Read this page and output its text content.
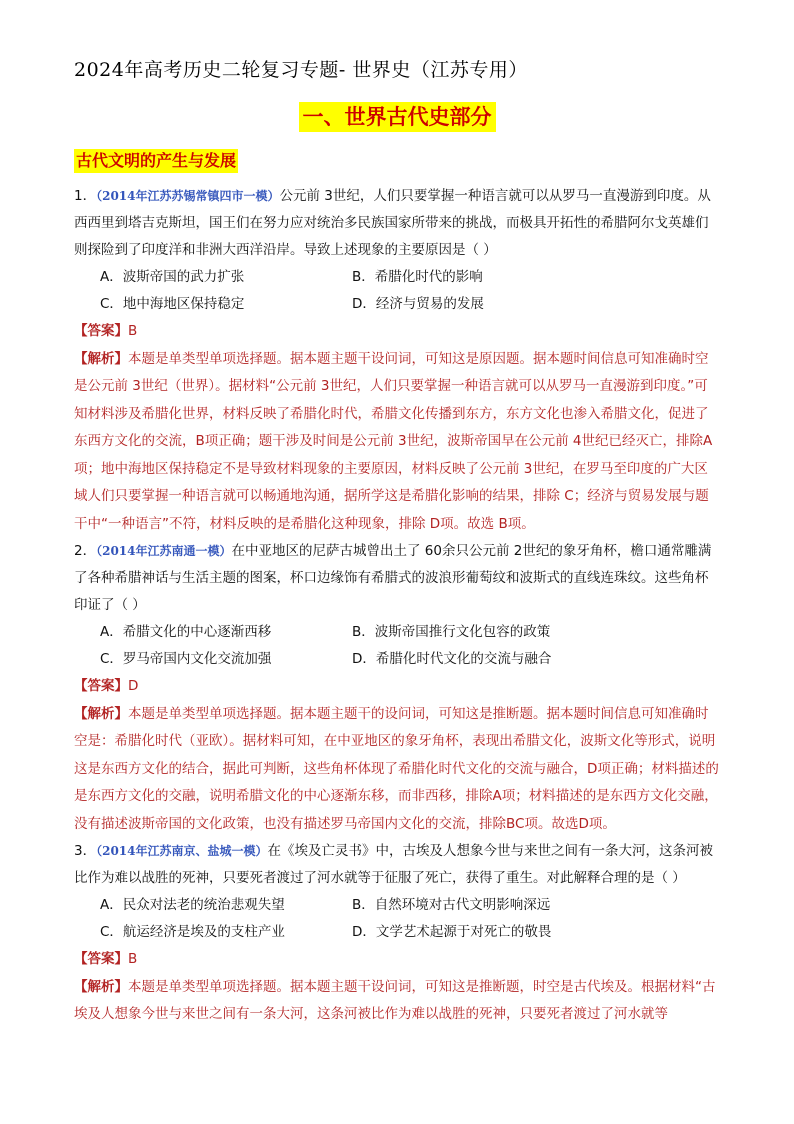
2024年高考历史二轮复习专题- 世界史（江苏专用）
一、世界古代史部分
古代文明的产生与发展
1．（2014年江苏苏锡常镇四市一模）公元前 3世纪，人们只要掌握一种语言就可以从罗马一直漫游到印度。从西西里到塔吉克斯坦，国王们在努力应对统治多民族国家所带来的挑战，而极具开拓性的希腊阿尔戈英雄们则探险到了印度洋和非洲大西洋沿岸。导致上述现象的主要原因是（ ）
A．波斯帝国的武力扩张	B．希腊化时代的影响
C．地中海地区保持稳定	D．经济与贸易的发展
【答案】B
【解析】本题是单类型单项选择题。据本题主题干设问词，可知这是原因题。据本题时间信息可知准确时空是公元前 3世纪（世界）。据材料“公元前 3世纪，人们只要掌握一种语言就可以从罗马一直漫游到印度。”可知材料涉及希腊化世界，材料反映了希腊化时代，希腊文化传播到东方，东方文化也渗入希腊文化，促进了东西方文化的交流，B项正确；题干涉及时间是公元前 3世纪，波斯帝国早在公元前 4世纪已经灭亡，排除A项；地中海地区保持稳定不是导致材料现象的主要原因，材料反映了公元前 3世纪，在罗马至印度的广大区域人们只要掌握一种语言就可以畅通地沟通，据所学这是希腊化影响的结果，排除 C；经济与贸易发展与题干中“一种语言”不符，材料反映的是希腊化这种现象，排除 D项。故选 B项。
2．（2014年江苏南通一模）在中亚地区的尼萨古城曾出土了 60余只公元前 2世纪的象牙角杯，檐口通常雕满了各种希腊神话与生活主题的图案，杯口边缘饰有希腊式的波浪形葡萄纹和波斯式的直线连珠纹。这些角杯印证了（ ）
A．希腊文化的中心逐渐西移	B．波斯帝国推行文化包容的政策
C．罗马帝国内文化交流加强	D．希腊化时代文化的交流与融合
【答案】D
【解析】本题是单类型单项选择题。据本题主题干的设问词，可知这是推断题。据本题时间信息可知准确时空是：希腊化时代（亚欧）。据材料可知，在中亚地区的象牙角杯，表现出希腊文化，波斯文化等形式，说明这是东西方文化的结合，据此可判断，这些角杯体现了希腊化时代文化的交流与融合，D项正确；材料描述的是东西方文化的交融，说明希腊文化的中心逐渐东移，而非西移，排除A项；材料描述的是东西方文化交融，没有描述波斯帝国的文化政策，也没有描述罗马帝国内文化的交流，排除BC项。故选D项。
3．（2014年江苏南京、盐城一模）在《埃及亡灵书》中，古埃及人想象今世与来世之间有一条大河，这条河被比作为难以战胜的死神，只要死者渡过了河水就等于征服了死亡，获得了重生。对此解释合理的是（ ）
A．民众对法老的统治悲观失望	B．自然环境对古代文明影响深远
C．航运经济是埃及的支柱产业	D．文学艺术起源于对死亡的敬畏
【答案】B
【解析】本题是单类型单项选择题。据本题主题干设问词，可知这是推断题，时空是古代埃及。根据材料“古埃及人想象今世与来世之间有一条大河，这条河被比作为难以战胜的死神，只要死者渡过了河水就等
